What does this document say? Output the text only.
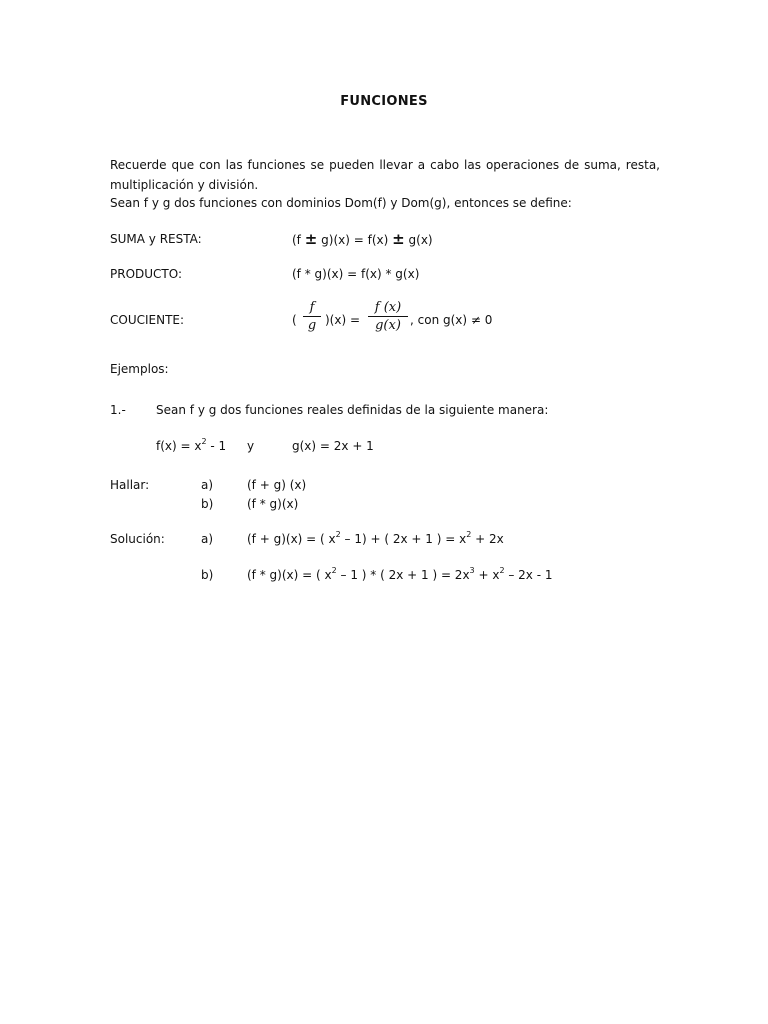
FUNCIONES
Recuerde que con las funciones se pueden llevar a cabo las operaciones de suma, resta,
multiplicación y división.
Sean f y g dos funciones con dominios Dom(f) y Dom(g), entonces se define:
SUMA y RESTA:	(f ± g)(x) = f(x) ± g(x)
PRODUCTO:	(f * g)(x) = f(x) * g(x)
COUCIENTE:	(
f
g )(x) =
f (x)
g(x) , con g(x) ≠ 0
Ejemplos:
1.-	Sean f y g dos funciones reales definidas de la siguiente manera:
$f(x) = x^2 - 1$ y	g(x) = 2x + 1
Hallar:	a)	(f + g) (x)
b)	(f * g)(x)
Solución:	a)	(f + g)(x) = ( $x^2 - 1$) + ( 2x + 1 ) = $x^2 + 2x$
b)	(f * g)(x) = ( $x^2 - 1$ ) * ( 2x + 1 ) = $2x^3 + x^2 - 2x - 1$
